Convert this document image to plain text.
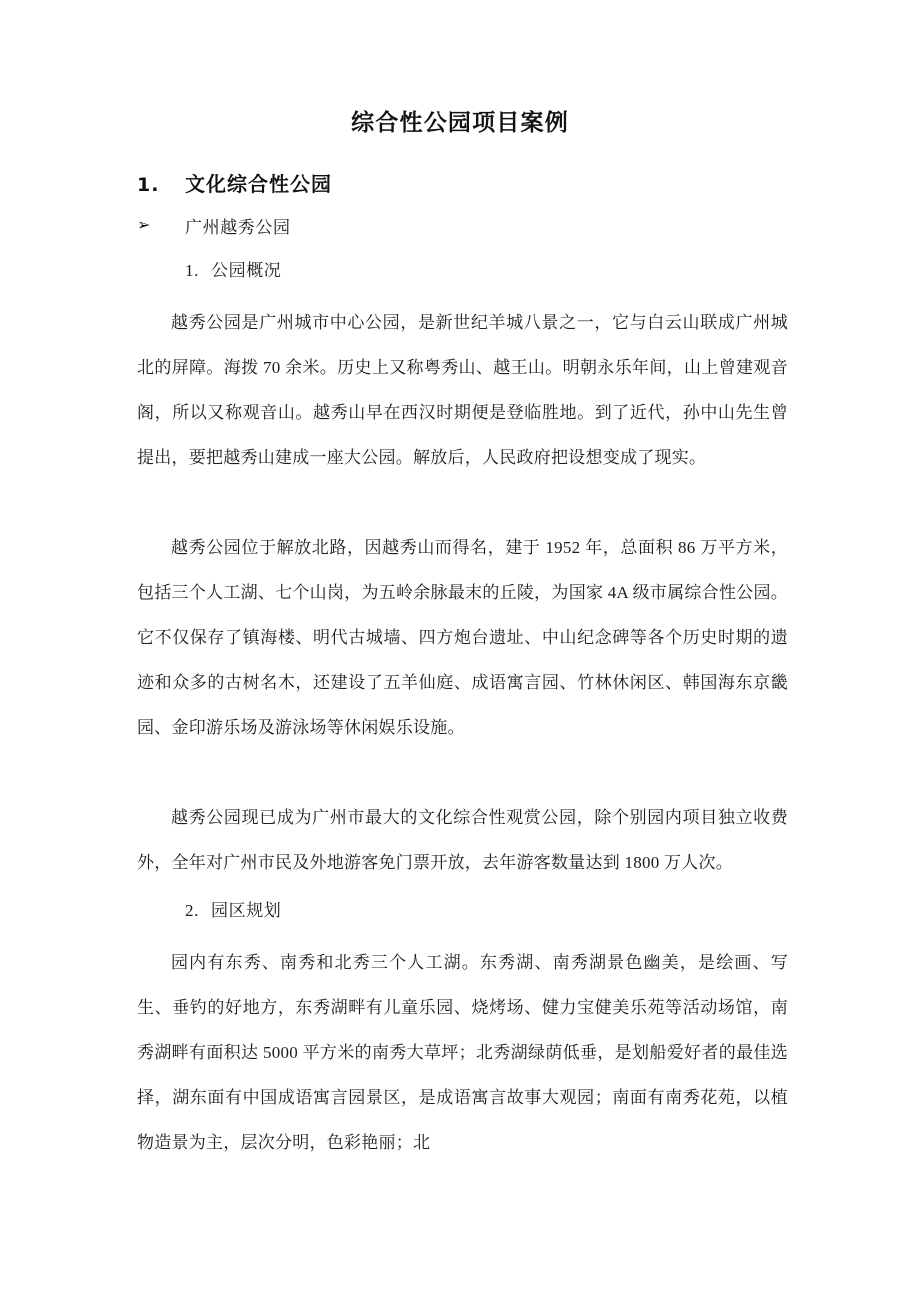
综合性公园项目案例
1.	文化综合性公园
➢	广州越秀公园
1. 公园概况

越秀公园是广州城市中心公园，是新世纪羊城八景之一，它与白云山联成广州城北的屏障。海拨 70 余米。历史上又称粤秀山、越王山。明朝永乐年间，山上曾建观音阁，所以又称观音山。越秀山早在西汉时期便是登临胜地。到了近代，孙中山先生曾提出，要把越秀山建成一座大公园。解放后，人民政府把设想变成了现实。

越秀公园位于解放北路，因越秀山而得名，建于 1952 年，总面积 86 万平方米，包括三个人工湖、七个山岗，为五岭余脉最末的丘陵，为国家 4A 级市属综合性公园。它不仅保存了镇海楼、明代古城墙、四方炮台遗址、中山纪念碑等各个历史时期的遗迹和众多的古树名木，还建设了五羊仙庭、成语寓言园、竹林休闲区、韩国海东京畿园、金印游乐场及游泳场等休闲娱乐设施。

越秀公园现已成为广州市最大的文化综合性观赏公园，除个别园内项目独立收费外，全年对广州市民及外地游客免门票开放，去年游客数量达到 1800 万人次。

2. 园区规划

园内有东秀、南秀和北秀三个人工湖。东秀湖、南秀湖景色幽美，是绘画、写生、垂钓的好地方，东秀湖畔有儿童乐园、烧烤场、健力宝健美乐苑等活动场馆，南秀湖畔有面积达 5000 平方米的南秀大草坪；北秀湖绿荫低垂，是划船爱好者的最佳选择，湖东面有中国成语寓言园景区，是成语寓言故事大观园；南面有南秀花苑，以植物造景为主，层次分明，色彩艳丽；北
